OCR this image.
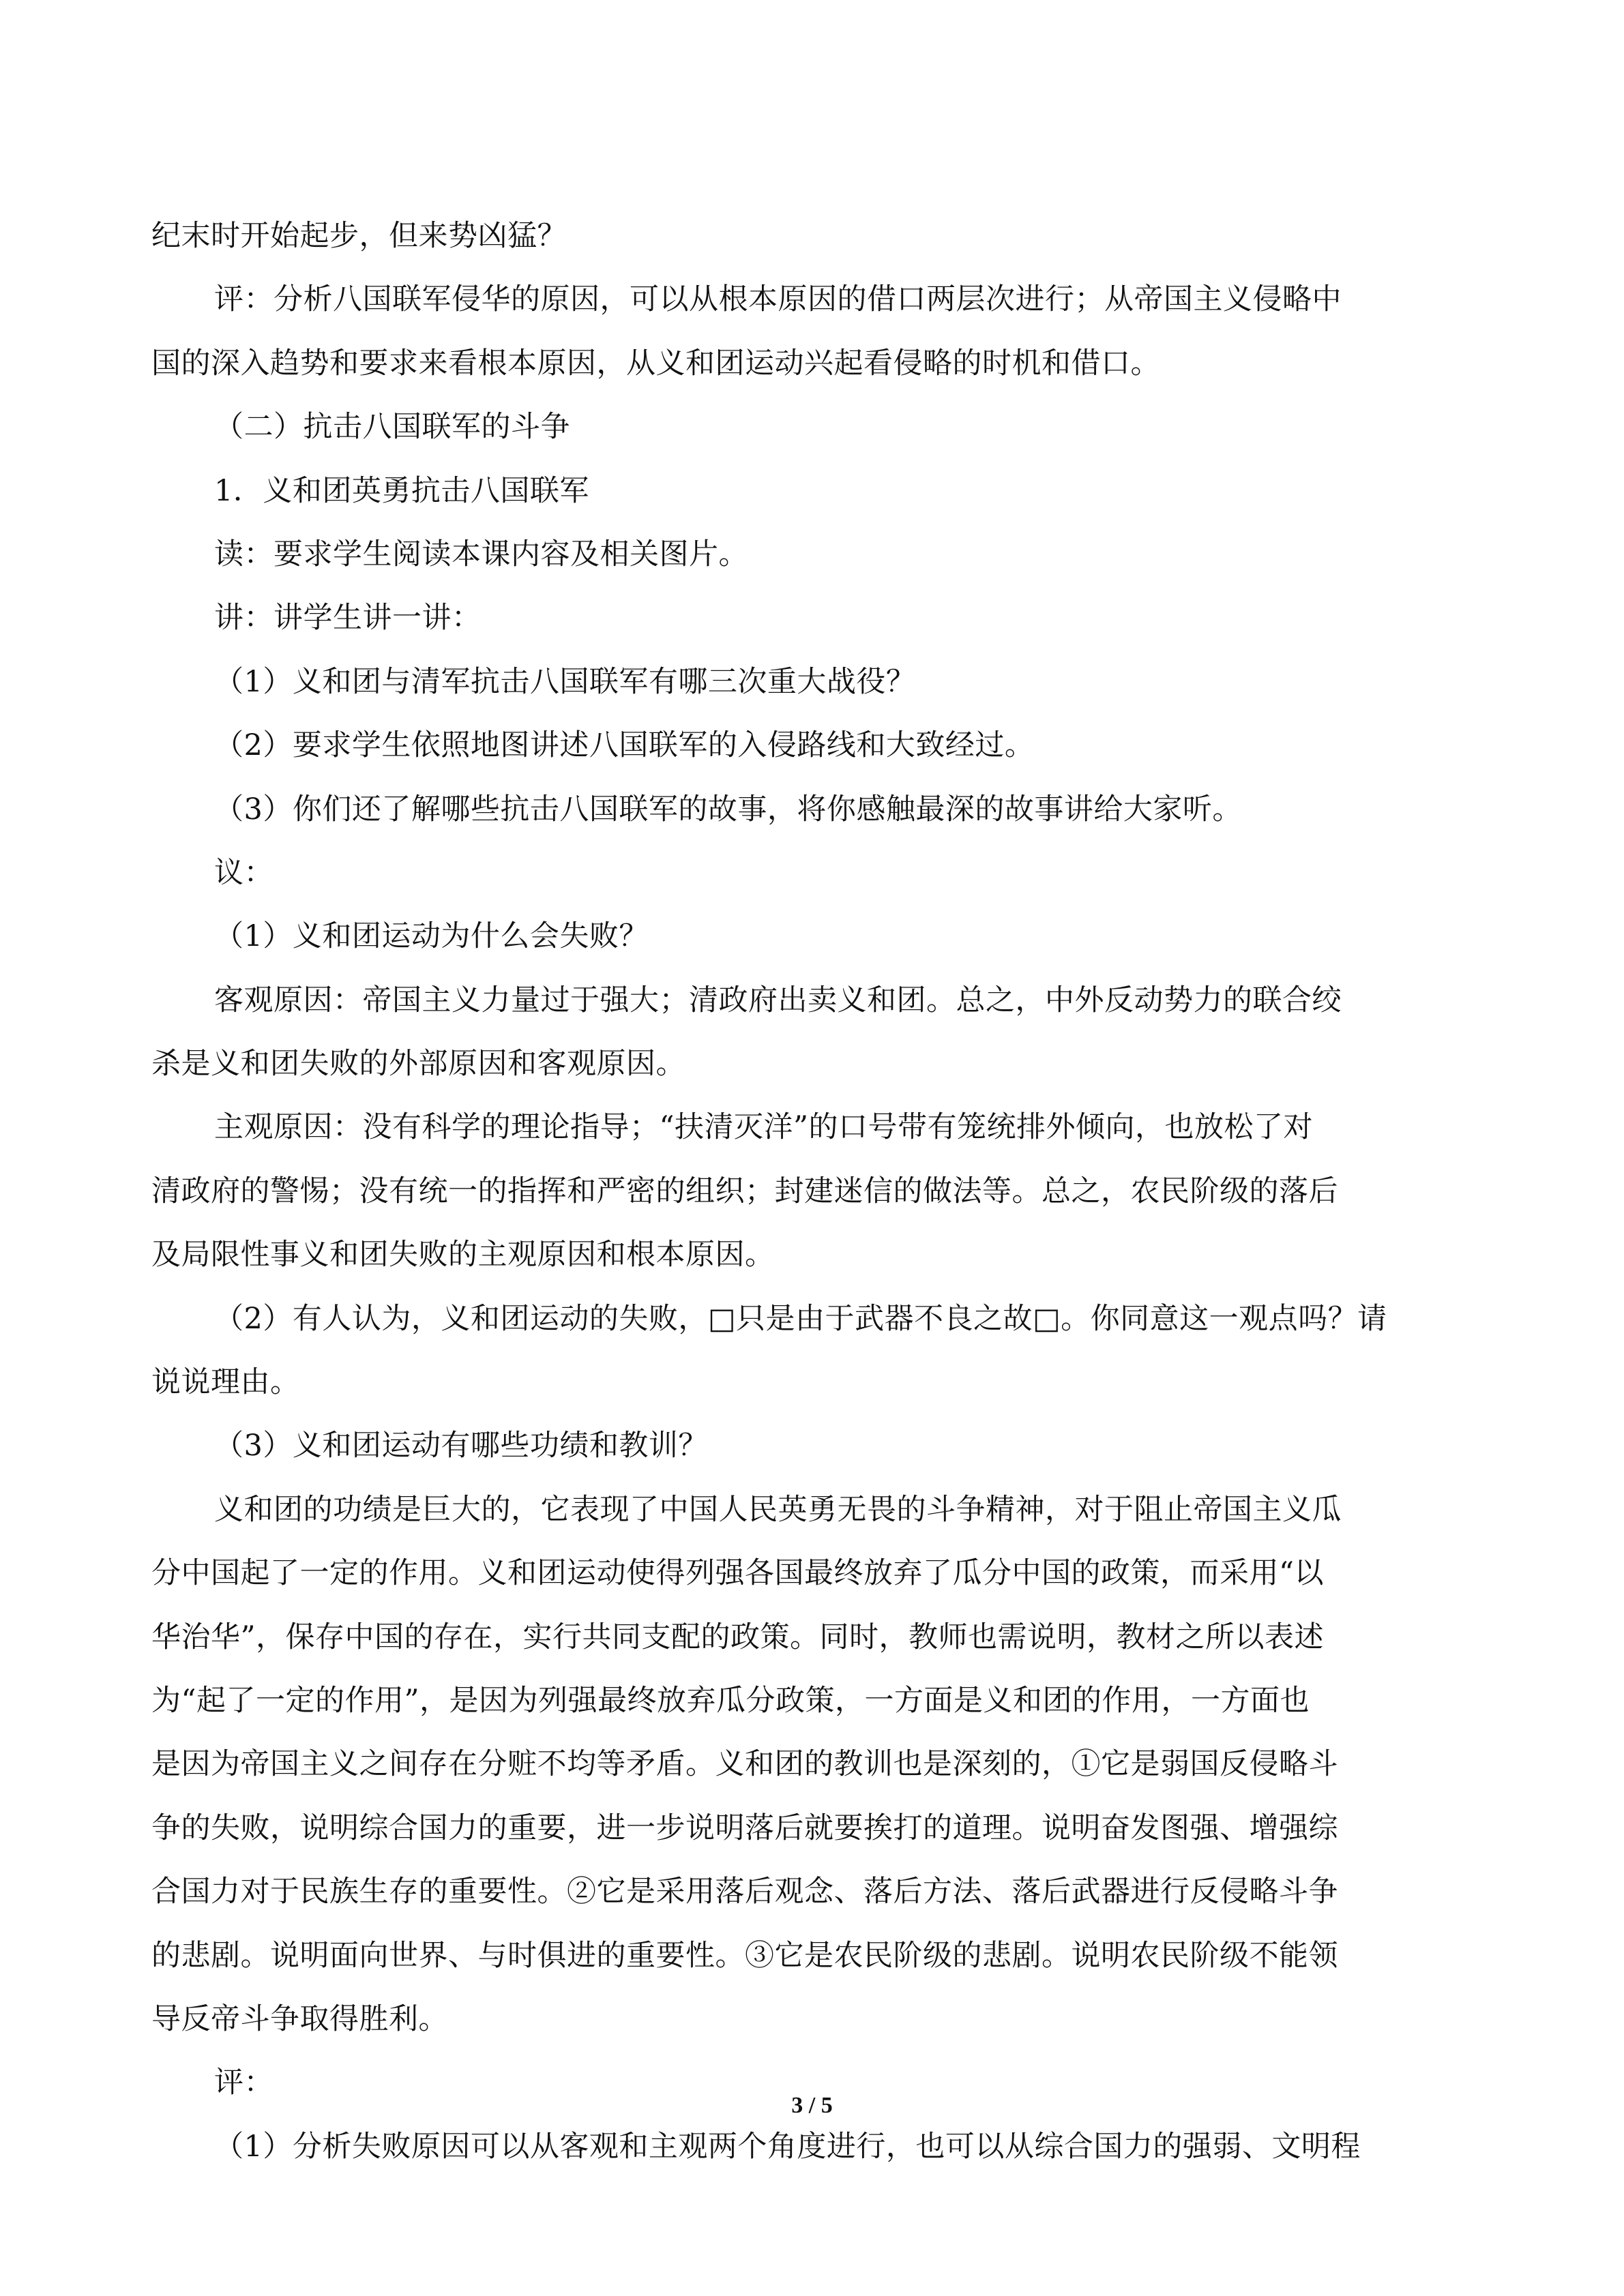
纪末时开始起步，但来势凶猛？
评：分析八国联军侵华的原因，可以从根本原因的借口两层次进行；从帝国主义侵略中
国的深入趋势和要求来看根本原因，从义和团运动兴起看侵略的时机和借口。
（二）抗击八国联军的斗争
1．义和团英勇抗击八国联军
读：要求学生阅读本课内容及相关图片。
讲：讲学生讲一讲：
（1）义和团与清军抗击八国联军有哪三次重大战役？
（2）要求学生依照地图讲述八国联军的入侵路线和大致经过。
（3）你们还了解哪些抗击八国联军的故事，将你感触最深的故事讲给大家听。
议：
（1）义和团运动为什么会失败？
客观原因：帝国主义力量过于强大；清政府出卖义和团。总之，中外反动势力的联合绞
杀是义和团失败的外部原因和客观原因。
主观原因：没有科学的理论指导；“扶清灭洋”的口号带有笼统排外倾向，也放松了对
清政府的警惕；没有统一的指挥和严密的组织；封建迷信的做法等。总之，农民阶级的落后
及局限性事义和团失败的主观原因和根本原因。
（2）有人认为，义和团运动的失败，□只是由于武器不良之故□。你同意这一观点吗？请
说说理由。
（3）义和团运动有哪些功绩和教训？
义和团的功绩是巨大的，它表现了中国人民英勇无畏的斗争精神，对于阻止帝国主义瓜
分中国起了一定的作用。义和团运动使得列强各国最终放弃了瓜分中国的政策，而采用“以
华治华”，保存中国的存在，实行共同支配的政策。同时，教师也需说明，教材之所以表述
为“起了一定的作用”，是因为列强最终放弃瓜分政策，一方面是义和团的作用，一方面也
是因为帝国主义之间存在分赃不均等矛盾。义和团的教训也是深刻的，①它是弱国反侵略斗
争的失败，说明综合国力的重要，进一步说明落后就要挨打的道理。说明奋发图强、增强综
合国力对于民族生存的重要性。②它是采用落后观念、落后方法、落后武器进行反侵略斗争
的悲剧。说明面向世界、与时俱进的重要性。③它是农民阶级的悲剧。说明农民阶级不能领
导反帝斗争取得胜利。
评：
（1）分析失败原因可以从客观和主观两个角度进行，也可以从综合国力的强弱、文明程
3 / 5
